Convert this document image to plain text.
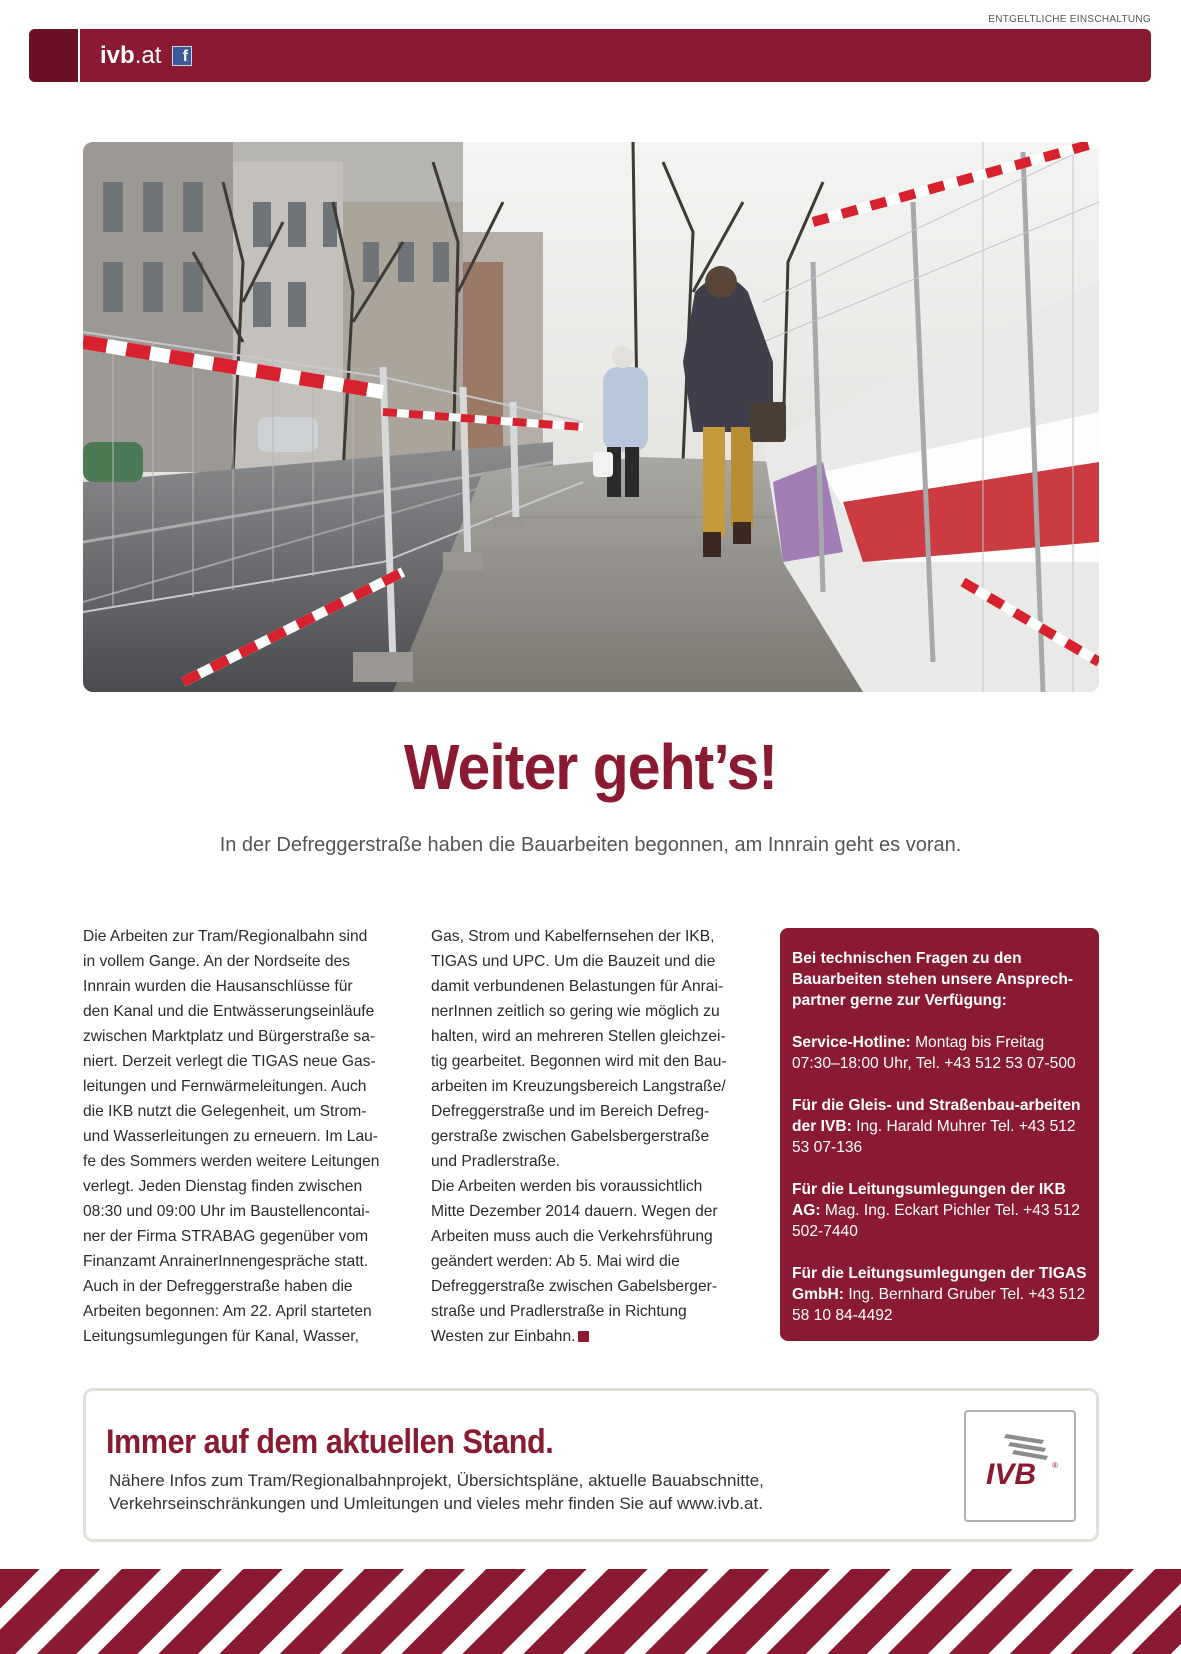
ENTGELTLICHE EINSCHALTUNG
ivb.at	f
Weiter geht’s!
In der Defreggerstraße haben die Bauarbeiten begonnen, am Innrain geht es voran.

Die Arbeiten zur Tram/Regionalbahn sind
in vollem Gange. An der Nordseite des
Innrain wurden die Hausanschlüsse für
den Kanal und die Entwässerungseinläufe
zwischen Marktplatz und Bürgerstraße sa-
niert. Derzeit verlegt die TIGAS neue Gas-
leitungen und Fernwärmeleitungen. Auch
die IKB nutzt die Gelegenheit, um Strom-
und Wasserleitungen zu erneuern. Im Lau-
fe des Sommers werden weitere Leitungen
verlegt. Jeden Dienstag finden zwischen
08:30 und 09:00 Uhr im Baustellencontai-
ner der Firma STRABAG gegenüber vom
Finanzamt AnrainerInnengespräche statt.
Auch in der Defreggerstraße haben die
Arbeiten begonnen: Am 22. April starteten
Leitungsumlegungen für Kanal, Wasser,

Gas, Strom und Kabelfernsehen der IKB,
TIGAS und UPC. Um die Bauzeit und die
damit verbundenen Belastungen für Anrai-
nerInnen zeitlich so gering wie möglich zu
halten, wird an mehreren Stellen gleichzei-
tig gearbeitet. Begonnen wird mit den Bau-
arbeiten im Kreuzungsbereich Langstraße/
Defreggerstraße und im Bereich Defreg-
gerstraße zwischen Gabelsbergerstraße
und Pradlerstraße.
Die Arbeiten werden bis voraussichtlich
Mitte Dezember 2014 dauern. Wegen der
Arbeiten muss auch die Verkehrsführung
geändert werden: Ab 5. Mai wird die
Defreggerstraße zwischen Gabelsberger-
straße und Pradlerstraße in Richtung
Westen zur Einbahn.

Bei technischen Fragen zu den Bauarbeiten stehen unsere Ansprech-partner gerne zur Verfügung:
Service-Hotline: Montag bis Freitag 07:30–18:00 Uhr, Tel. +43 512 53 07-500
Für die Gleis- und Straßenbau-arbeiten der IVB: Ing. Harald Muhrer Tel. +43 512 53 07-136
Für die Leitungsumlegungen der IKB AG: Mag. Ing. Eckart Pichler Tel. +43 512 502-7440
Für die Leitungsumlegungen der TIGAS GmbH: Ing. Bernhard Gruber Tel. +43 512 58 10 84-4492
Immer auf dem aktuellen Stand.
Nähere Infos zum Tram/Regionalbahnprojekt, Übersichtspläne, aktuelle Bauabschnitte,
Verkehrseinschränkungen und Umleitungen und vieles mehr finden Sie auf www.ivb.at.
IVB ®
